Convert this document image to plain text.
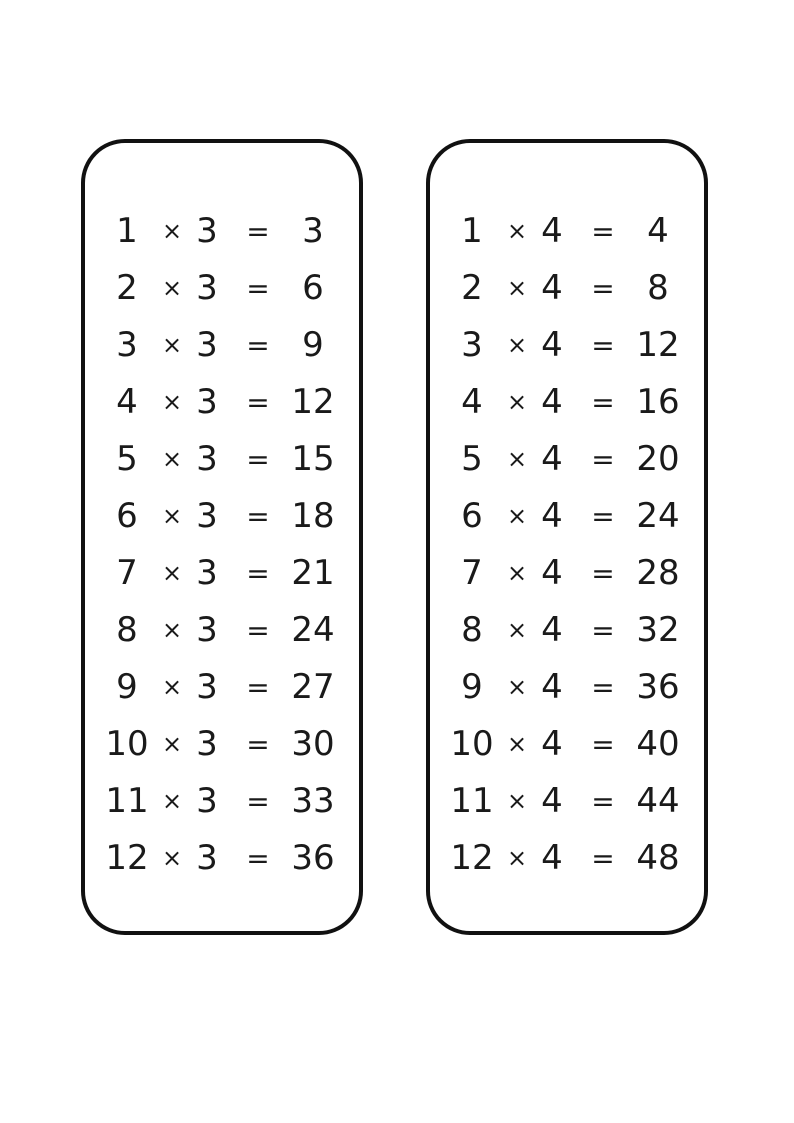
1	× 3 = 3
2	× 3 = 6
3	× 3 = 9
4	× 3 = 12
5	× 3 = 15
6	× 3 = 18
7	× 3 = 21
8	× 3 = 24
9	× 3 = 27
10 × 3 = 30
11 × 3 = 33
12 × 3 = 36
1	× 4 = 4
2	× 4 = 8
3	× 4 = 12
4	× 4 = 16
5	× 4 = 20
6	× 4 = 24
7	× 4 = 28
8	× 4 = 32
9	× 4 = 36
10 × 4 = 40
11 × 4 = 44
12 × 4 = 48
